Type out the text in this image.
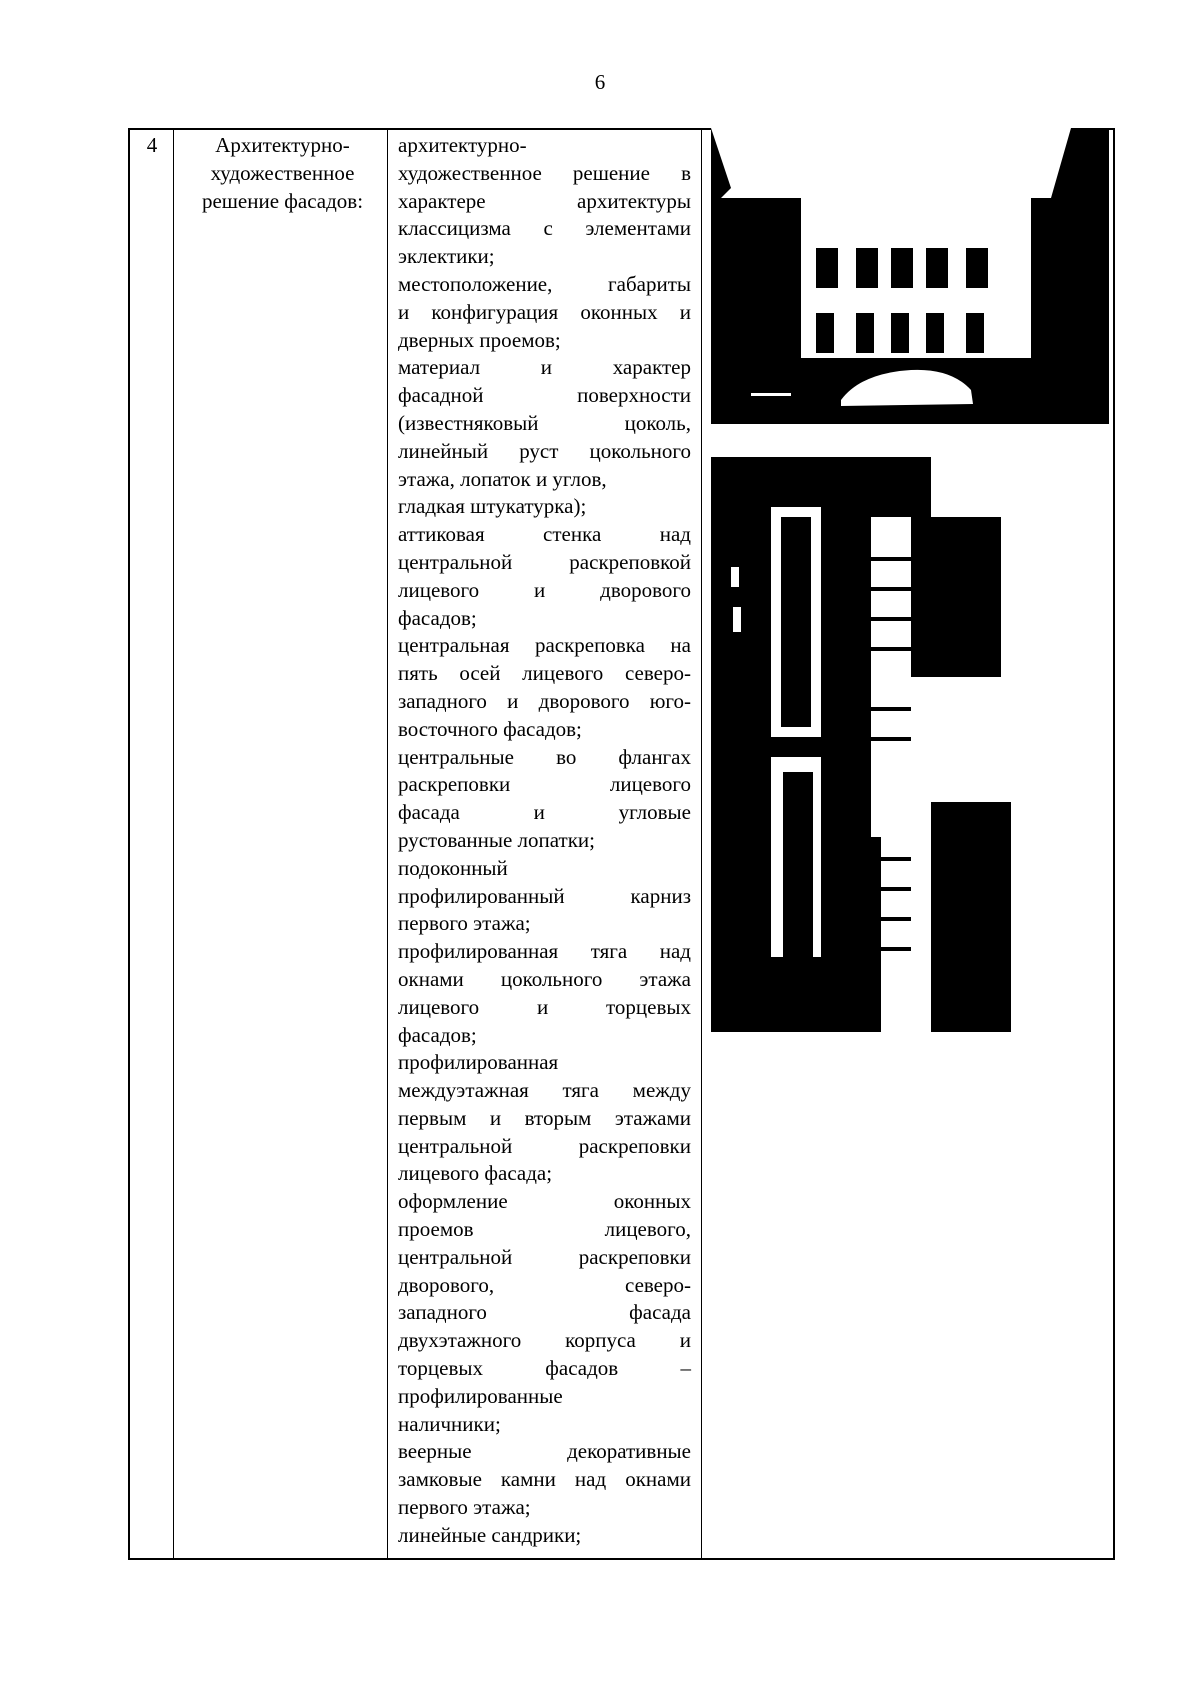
6
4	Архитектурно-
художественное
решение фасадов:
архитектурно-
художественное решение в
характере архитектуры
классицизма с элементами
эклектики;
местоположение, габариты
и конфигурация оконных и
дверных проемов;
материал и характер
фасадной поверхности
(известняковый цоколь,
линейный руст цокольного
этажа, лопаток и углов,
гладкая штукатурка);
аттиковая стенка над
центральной раскреповкой
лицевого и дворового
фасадов;
центральная раскреповка на
пять осей лицевого северо-
западного и дворового юго-
восточного фасадов;
центральные во флангах
раскреповки лицевого
фасада и угловые
рустованные лопатки;
подоконный
профилированный карниз
первого этажа;
профилированная тяга над
окнами цокольного этажа
лицевого и торцевых
фасадов;
профилированная
междуэтажная тяга между
первым и вторым этажами
центральной раскреповки
лицевого фасада;
оформление оконных
проемов лицевого,
центральной раскреповки
дворового, северо-
западного фасада
двухэтажного корпуса и
торцевых фасадов –
профилированные
наличники;
веерные декоративные
замковые камни над окнами
первого этажа;
линейные сандрики;
